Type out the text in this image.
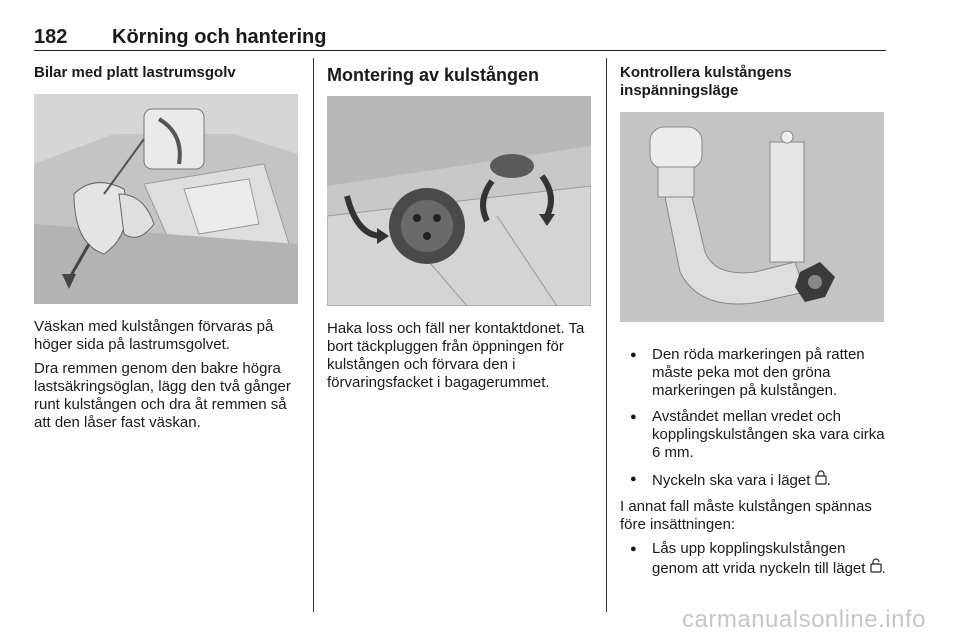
182 Körning och hantering
Bilar med platt lastrumsgolv

Väskan med kulstången förvaras på höger sida på lastrumsgolvet.

Dra remmen genom den bakre högra lastsäkringsöglan, lägg den två gånger runt kulstången och dra åt remmen så att den låser fast väskan.

Montering av kulstången

Haka loss och fäll ner kontaktdonet. Ta bort täckpluggen från öppningen för kulstången och förvara den i förvaringsfacket i bagagerummet.

Kontrollera kulstångens inspänningsläge
● Den röda markeringen på ratten måste peka mot den gröna markeringen på kulstången.
● Avståndet mellan vredet och kopplingskulstången ska vara cirka 6 mm.
● Nyckeln ska vara i läget .

I annat fall måste kulstången spännas före insättningen:

● Lås upp kopplingskulstången genom att vrida nyckeln till läget .
carmanualsonline.info
